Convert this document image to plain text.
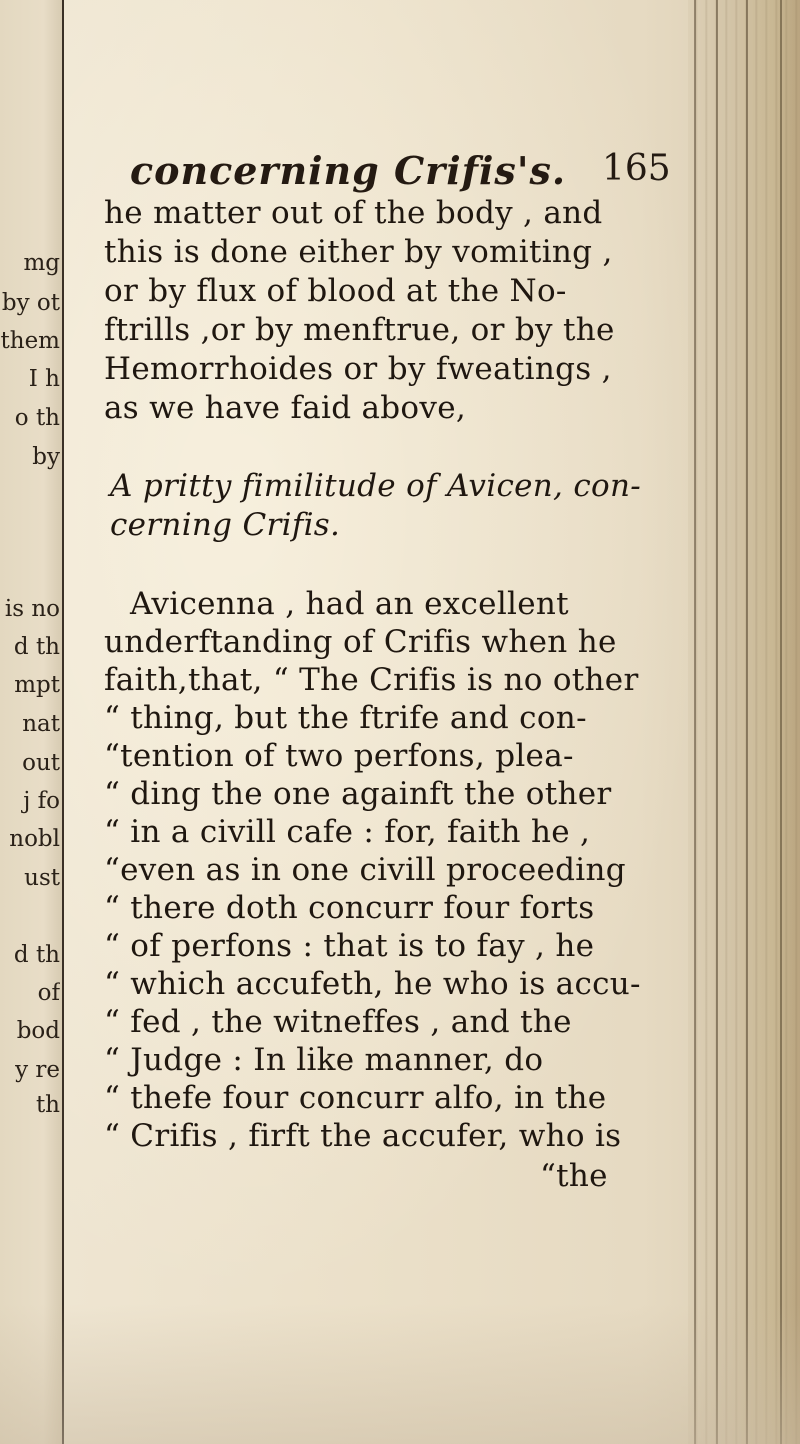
mg
by ot
them
I h
o th
by
is no
d th
mpt
nat
out
j fo
nobl
ust
d th
of
bod
y re
th
concerning Crifis's. 165
he matter out of the body , and
this is done either by vomiting ,
or by flux of blood at the No-
ftrills ,or by menftrue, or by the
Hemorrhoides or by fweatings ,
as we have faid above,
A pritty fimilitude of Avicen, con-
cerning Crifis.
Avicenna , had an excellent
underftanding of Crifis when he
faith,that, “ The Crifis is no other
“ thing, but the ftrife and con-
“tention of two perfons, plea-
“ ding the one againft the other
“ in a civill cafe : for, faith he ,
“even as in one civill proceeding
“ there doth concurr four forts
“ of perfons : that is to fay , he
“ which accufeth, he who is accu-
“ fed , the witneffes , and the
“ Judge : In like manner, do
“ thefe four concurr alfo, in the
“ Crifis , firft the accufer, who is
“the
